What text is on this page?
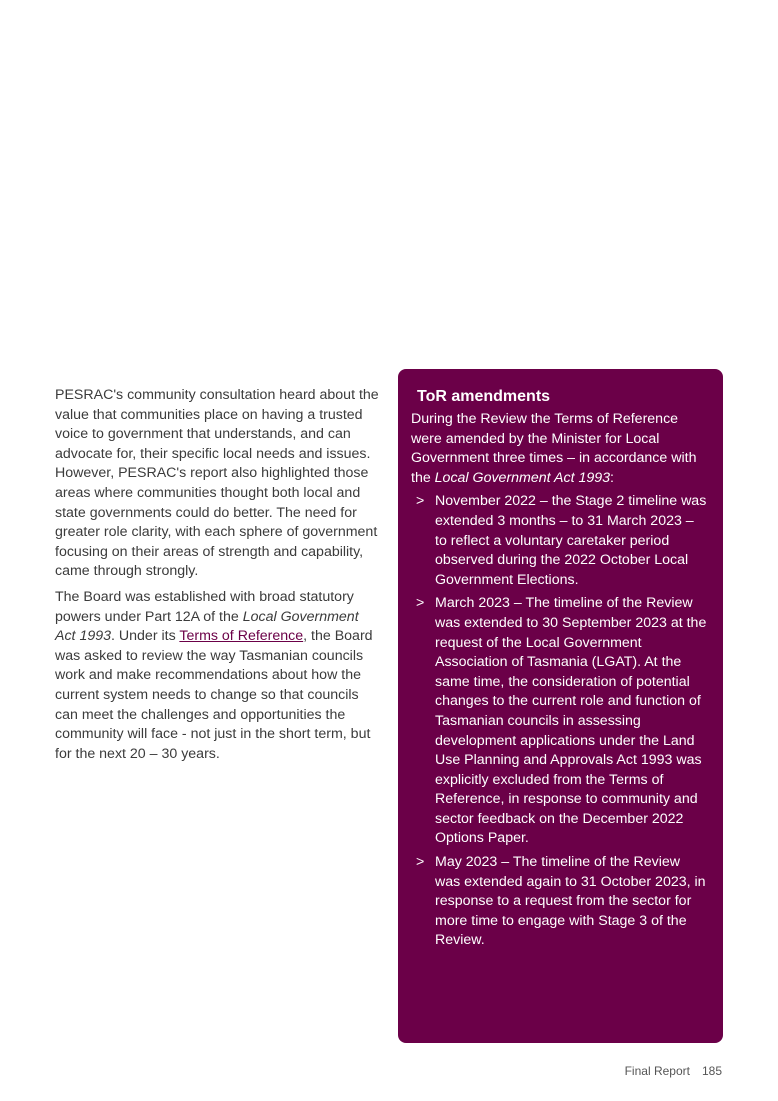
PESRAC's community consultation heard about the value that communities place on having a trusted voice to government that understands, and can advocate for, their specific local needs and issues. However, PESRAC's report also highlighted those areas where communities thought both local and state governments could do better. The need for greater role clarity, with each sphere of government focusing on their areas of strength and capability, came through strongly.

The Board was established with broad statutory powers under Part 12A of the Local Government Act 1993. Under its Terms of Reference, the Board was asked to review the way Tasmanian councils work and make recommendations about how the current system needs to change so that councils can meet the challenges and opportunities the community will face - not just in the short term, but for the next 20 – 30 years.

ToR amendments

During the Review the Terms of Reference were amended by the Minister for Local Government three times – in accordance with the Local Government Act 1993:

> November 2022 – the Stage 2 timeline was extended 3 months – to 31 March 2023 – to reflect a voluntary caretaker period observed during the 2022 October Local Government Elections.
> March 2023 – The timeline of the Review was extended to 30 September 2023 at the request of the Local Government Association of Tasmania (LGAT). At the same time, the consideration of potential changes to the current role and function of Tasmanian councils in assessing development applications under the Land Use Planning and Approvals Act 1993 was explicitly excluded from the Terms of Reference, in response to community and sector feedback on the December 2022 Options Paper.
> May 2023 – The timeline of the Review was extended again to 31 October 2023, in response to a request from the sector for more time to engage with Stage 3 of the Review.
Final Report 185
